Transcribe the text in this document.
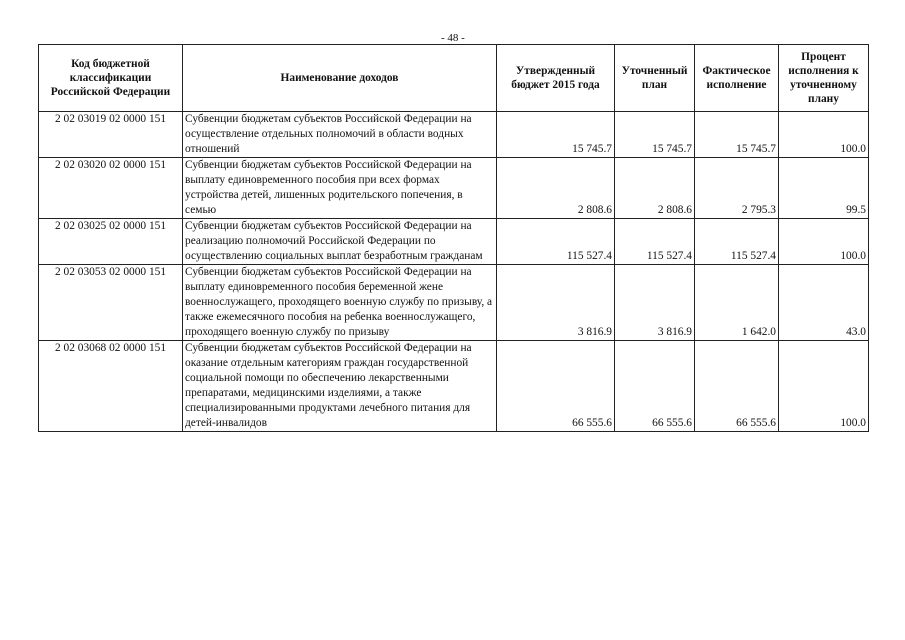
- 48 -
Код бюджетной классификации Российской Федерации	Наименование доходов	Утвержденный бюджет 2015 года	Уточненный план	Фактическое исполнение	Процент исполнения к уточненному плану
2 02 03019 02 0000 151	Субвенции бюджетам субъектов Российской Федерации на осуществление отдельных полномочий в области водных отношений	15 745.7	15 745.7	15 745.7	100.0
2 02 03020 02 0000 151	Субвенции бюджетам субъектов Российской Федерации на выплату единовременного пособия при всех формах устройства детей, лишенных родительского попечения, в семью	2 808.6	2 808.6	2 795.3	99.5
2 02 03025 02 0000 151	Субвенции бюджетам субъектов Российской Федерации на реализацию полномочий Российской Федерации по осуществлению социальных выплат безработным гражданам	115 527.4	115 527.4	115 527.4	100.0
2 02 03053 02 0000 151	Субвенции бюджетам субъектов Российской Федерации на выплату единовременного пособия беременной жене военнослужащего, проходящего военную службу по призыву, а также ежемесячного пособия на ребенка военнослужащего, проходящего военную службу по призыву	3 816.9	3 816.9	1 642.0	43.0
2 02 03068 02 0000 151	Субвенции бюджетам субъектов Российской Федерации на оказание отдельным категориям граждан государственной социальной помощи по обеспечению лекарственными препаратами, медицинскими изделиями, а также специализированными продуктами лечебного питания для детей-инвалидов	66 555.6	66 555.6	66 555.6	100.0
